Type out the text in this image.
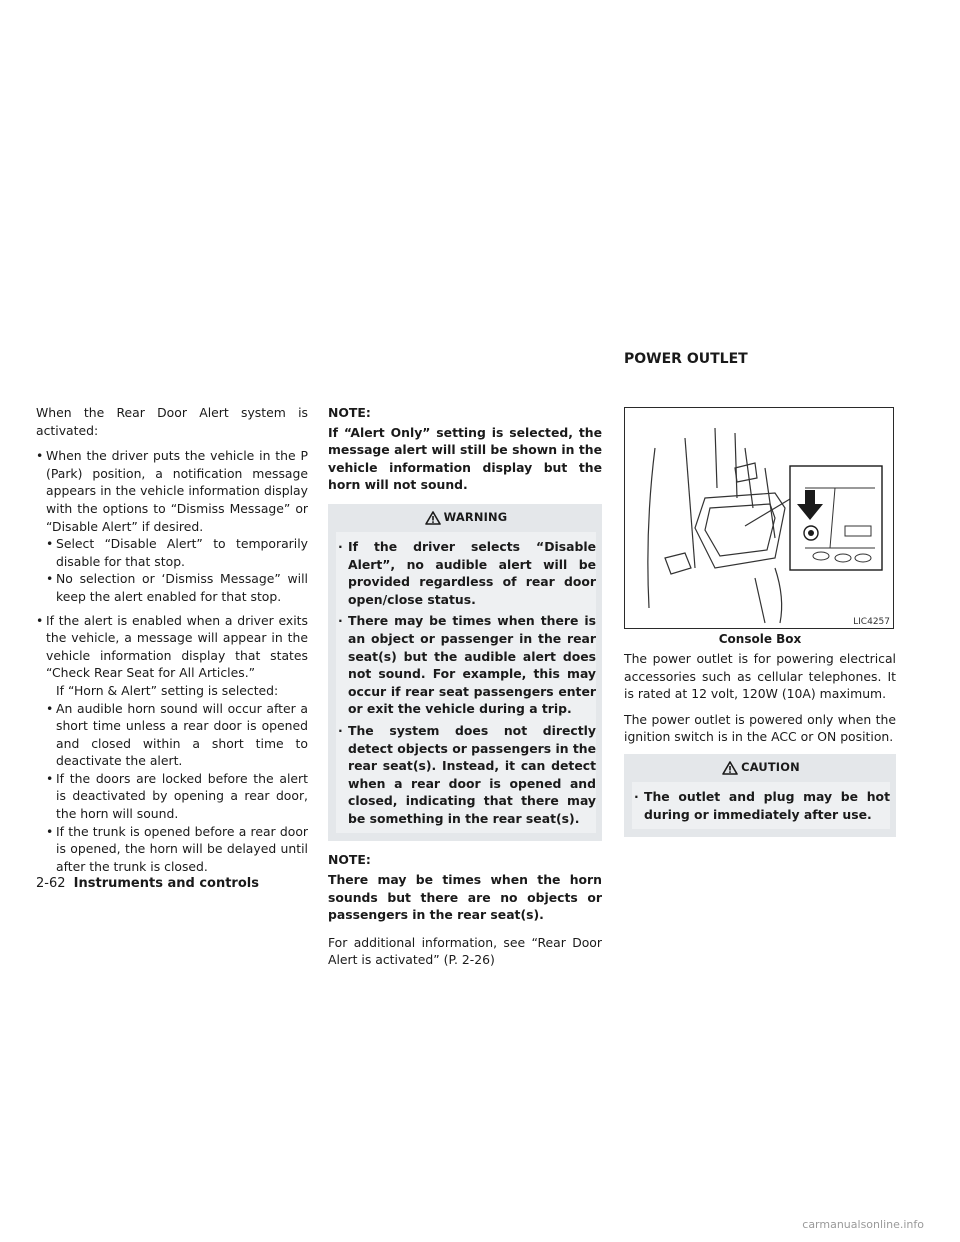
When the Rear Door Alert system is activated:

• When the driver puts the vehicle in the P (Park) position, a notification message appears in the vehicle information display with the options to “Dismiss Message” or “Disable Alert” if desired.
• Select “Disable Alert” to temporarily disable for that stop.
• No selection or ‘Dismiss Message” will keep the alert enabled for that stop.
• If the alert is enabled when a driver exits the vehicle, a message will appear in the vehicle information display that states “Check Rear Seat for All Articles.”
If “Horn & Alert” setting is selected:
• An audible horn sound will occur after a short time unless a rear door is opened and closed within a short time to deactivate the alert.
• If the doors are locked before the alert is deactivated by opening a rear door, the horn will sound.
• If the trunk is opened before a rear door is opened, the horn will be delayed until after the trunk is closed.
NOTE:
If “Alert Only” setting is selected, the message alert will still be shown in the vehicle information display but the horn will not sound.
WARNING
· If the driver selects “Disable Alert”, no audible alert will be provided regardless of rear door open/close status.
· There may be times when there is an object or passenger in the rear seat(s) but the audible alert does not sound. For example, this may occur if rear seat passengers enter or exit the vehicle during a trip.
· The system does not directly detect objects or passengers in the rear seat(s). Instead, it can detect when a rear door is opened and closed, indicating that there may be something in the rear seat(s).
NOTE:
There may be times when the horn sounds but there are no objects or passengers in the rear seat(s).

For additional information, see “Rear Door Alert is activated” (P. 2-26)

POWER OUTLET
LIC4257
Console Box

The power outlet is for powering electrical accessories such as cellular telephones. It is rated at 12 volt, 120W (10A) maximum.

The power outlet is powered only when the ignition switch is in the ACC or ON position.

CAUTION
· The outlet and plug may be hot during or immediately after use.
2-62 Instruments and controls
carmanualsonline.info
